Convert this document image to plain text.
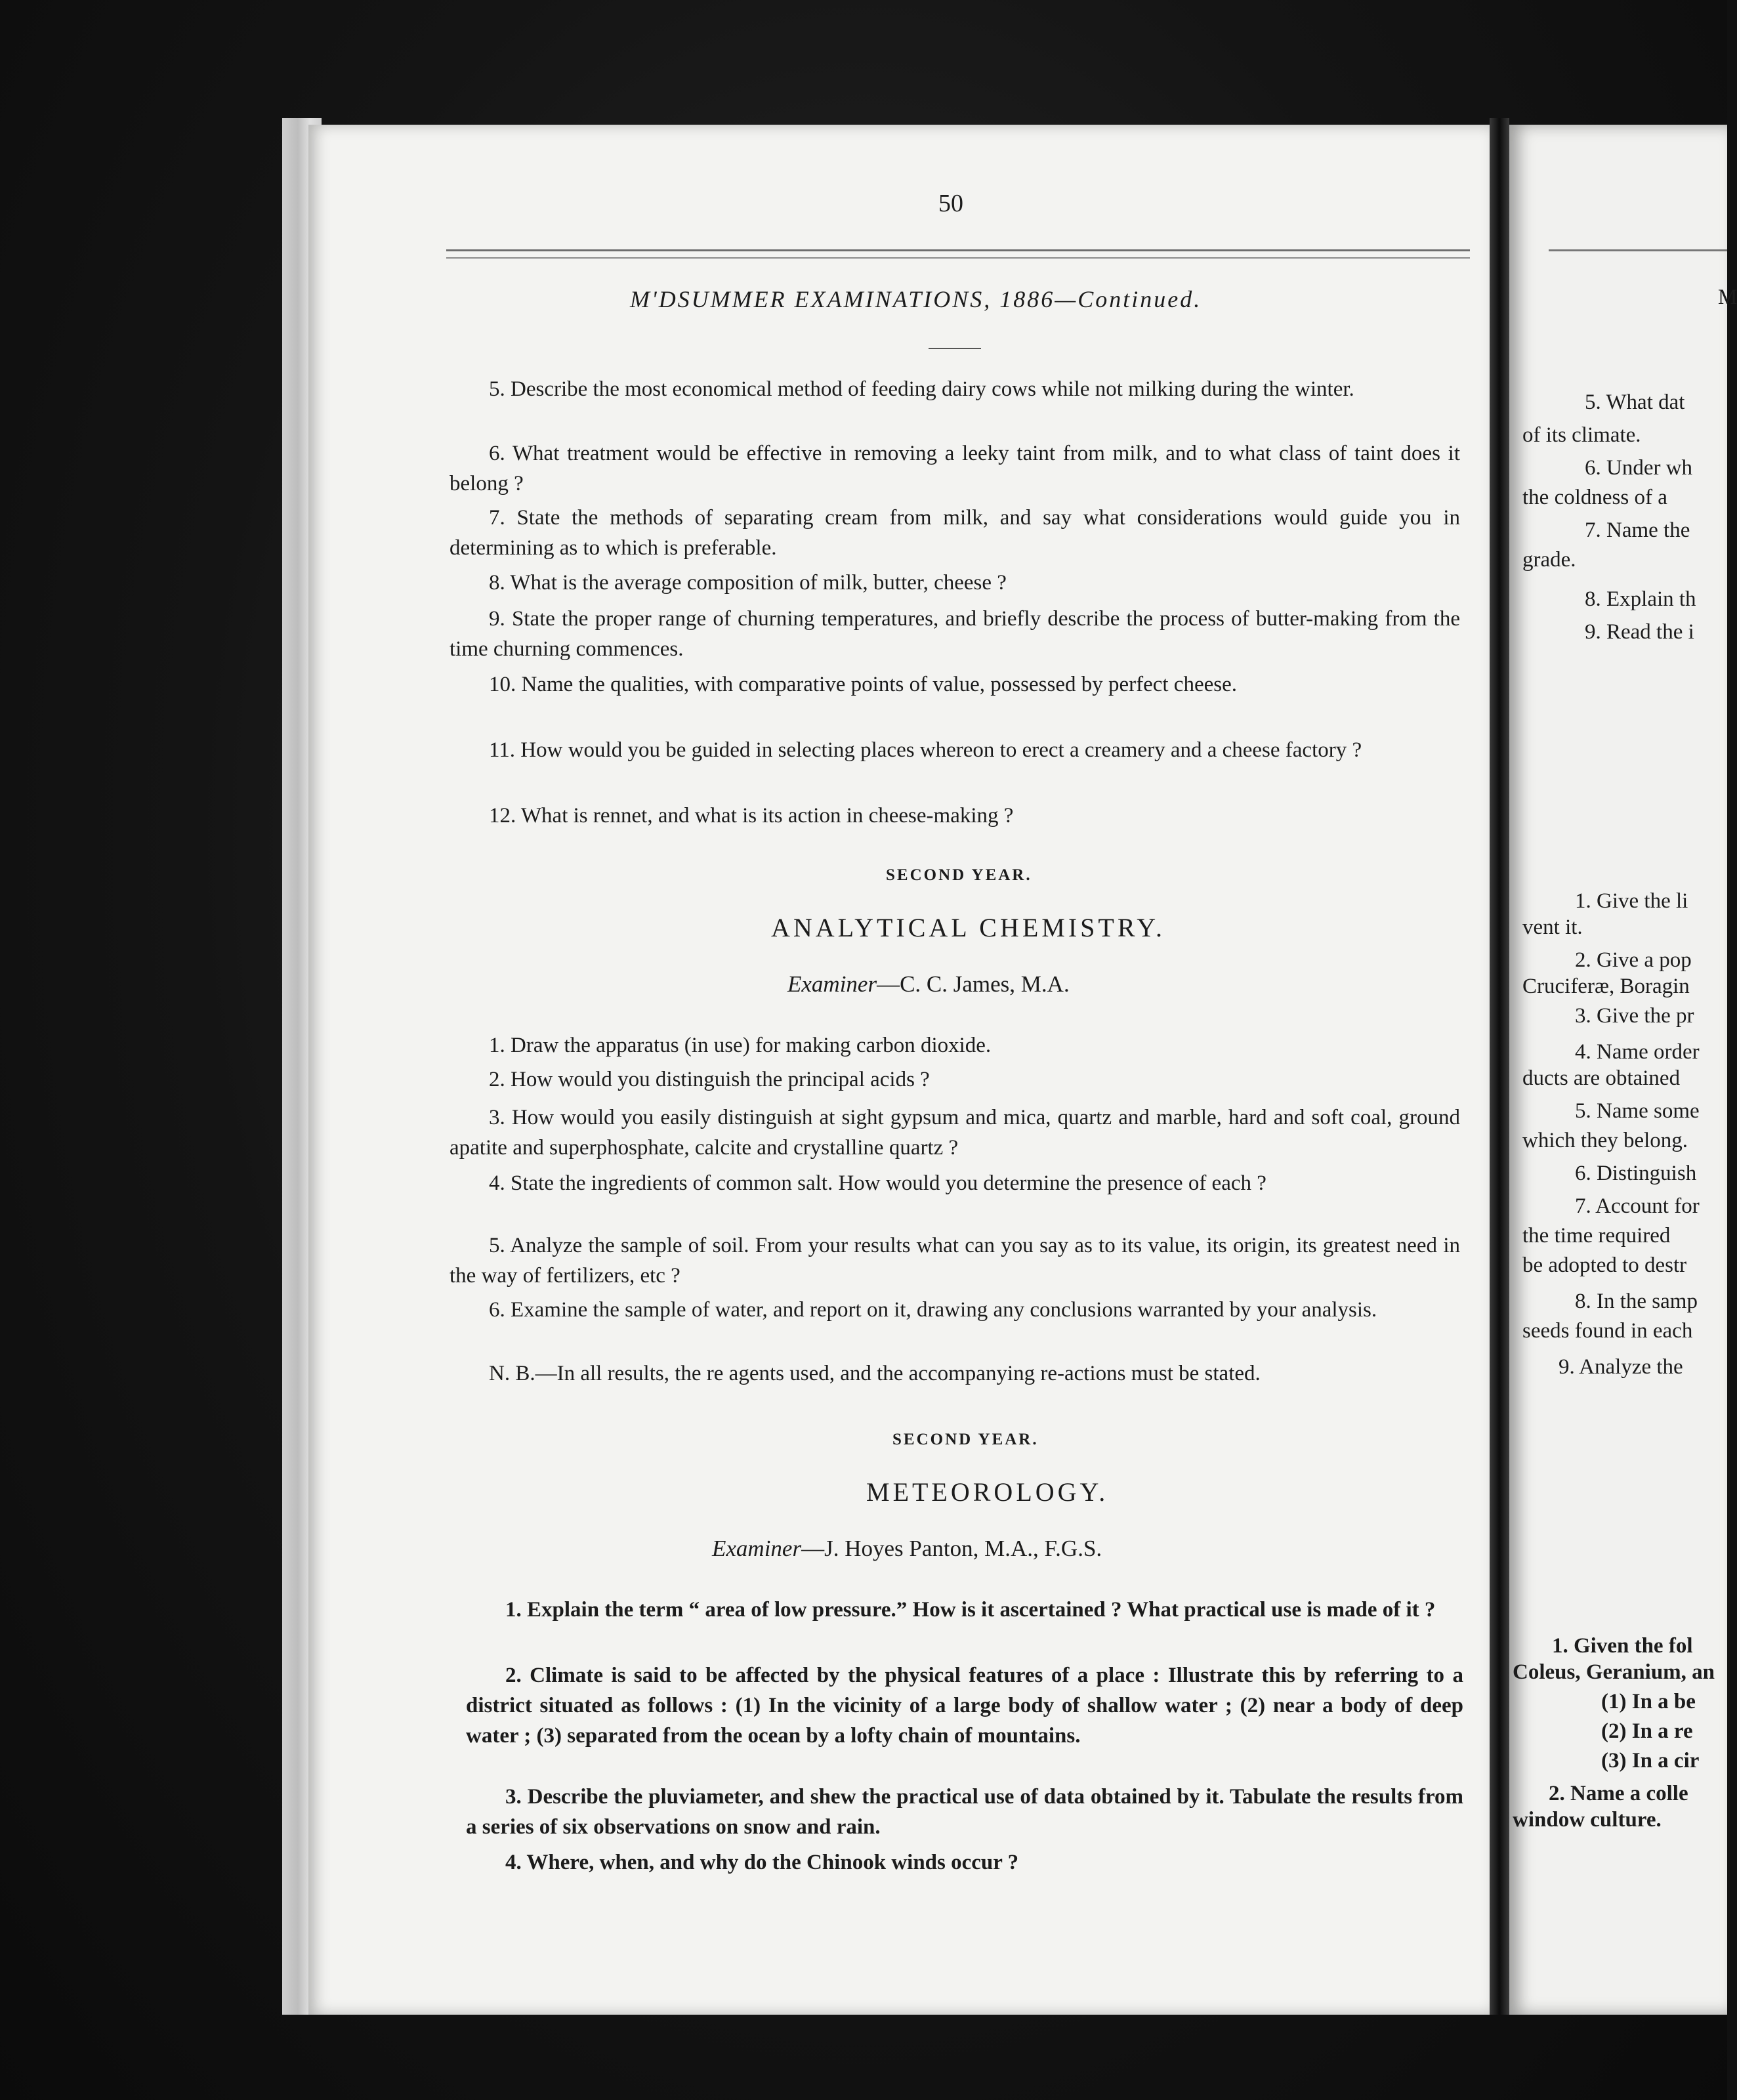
50
M'DSUMMER EXAMINATIONS, 1886—Continued.
5. Describe the most economical method of feeding dairy cows while not milking during the winter.
6. What treatment would be effective in removing a leeky taint from milk, and to what class of taint does it belong ?
7. State the methods of separating cream from milk, and say what considerations would guide you in determining as to which is preferable.
8. What is the average composition of milk, butter, cheese ?
9. State the proper range of churning temperatures, and briefly describe the process of butter-making from the time churning commences.
10. Name the qualities, with comparative points of value, possessed by perfect cheese.
11. How would you be guided in selecting places whereon to erect a creamery and a cheese factory ?
12. What is rennet, and what is its action in cheese-making ?
SECOND YEAR.
ANALYTICAL CHEMISTRY.
Examiner—C. C. James, M.A.
1. Draw the apparatus (in use) for making carbon dioxide.
2. How would you distinguish the principal acids ?
3. How would you easily distinguish at sight gypsum and mica, quartz and marble, hard and soft coal, ground apatite and superphosphate, calcite and crystalline quartz ?
4. State the ingredients of common salt. How would you determine the presence of each ?
5. Analyze the sample of soil. From your results what can you say as to its value, its origin, its greatest need in the way of fertilizers, etc ?
6. Examine the sample of water, and report on it, drawing any conclusions warranted by your analysis.
N. B.—In all results, the re agents used, and the accompanying re-actions must be stated.
SECOND YEAR.
METEOROLOGY.
Examiner—J. Hoyes Panton, M.A., F.G.S.
1. Explain the term “ area of low pressure.” How is it ascertained ? What practical use is made of it ?
2. Climate is said to be affected by the physical features of a place : Illustrate this by referring to a district situated as follows : (1) In the vicinity of a large body of shallow water ; (2) near a body of deep water ; (3) separated from the ocean by a lofty chain of mountains.
3. Describe the pluviameter, and shew the practical use of data obtained by it. Tabulate the results from a series of six observations on snow and rain.
4. Where, when, and why do the Chinook winds occur ?
M
5. What dat
of its climate.
6. Under wh
the coldness of a
7. Name the
grade.
8. Explain th
9. Read the i
1. Give the li
vent it.
2. Give a pop
Cruciferæ, Boragin
3. Give the pr
4. Name order
ducts are obtained
5. Name some
which they belong.
6. Distinguish
7. Account for
the time required
be adopted to destr
8. In the samp
seeds found in each
9. Analyze the
1. Given the fol
Coleus, Geranium, an
(1) In a be
(2) In a re
(3) In a cir
2. Name a colle
window culture.
